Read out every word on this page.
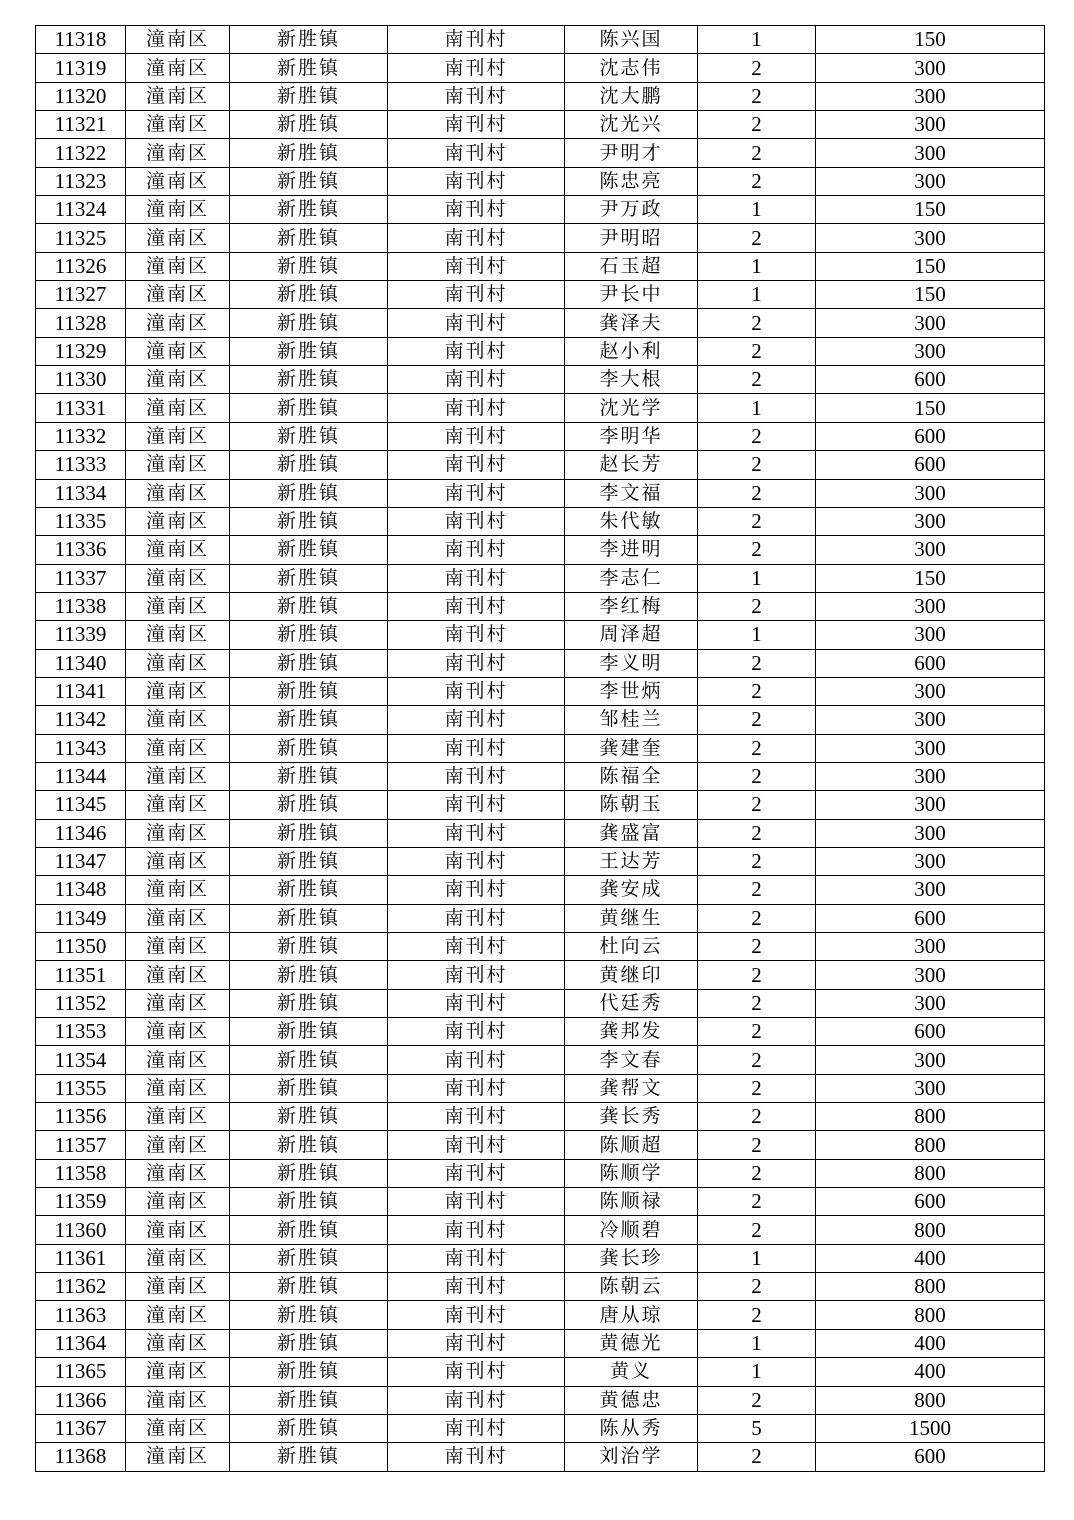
11318	潼南区	新胜镇	南刊村	陈兴国	1	150
11319	潼南区	新胜镇	南刊村	沈志伟	2	300
11320	潼南区	新胜镇	南刊村	沈大鹏	2	300
11321	潼南区	新胜镇	南刊村	沈光兴	2	300
11322	潼南区	新胜镇	南刊村	尹明才	2	300
11323	潼南区	新胜镇	南刊村	陈忠亮	2	300
11324	潼南区	新胜镇	南刊村	尹万政	1	150
11325	潼南区	新胜镇	南刊村	尹明昭	2	300
11326	潼南区	新胜镇	南刊村	石玉超	1	150
11327	潼南区	新胜镇	南刊村	尹长中	1	150
11328	潼南区	新胜镇	南刊村	龚泽夫	2	300
11329	潼南区	新胜镇	南刊村	赵小利	2	300
11330	潼南区	新胜镇	南刊村	李大根	2	600
11331	潼南区	新胜镇	南刊村	沈光学	1	150
11332	潼南区	新胜镇	南刊村	李明华	2	600
11333	潼南区	新胜镇	南刊村	赵长芳	2	600
11334	潼南区	新胜镇	南刊村	李文福	2	300
11335	潼南区	新胜镇	南刊村	朱代敏	2	300
11336	潼南区	新胜镇	南刊村	李进明	2	300
11337	潼南区	新胜镇	南刊村	李志仁	1	150
11338	潼南区	新胜镇	南刊村	李红梅	2	300
11339	潼南区	新胜镇	南刊村	周泽超	1	300
11340	潼南区	新胜镇	南刊村	李义明	2	600
11341	潼南区	新胜镇	南刊村	李世炳	2	300
11342	潼南区	新胜镇	南刊村	邹桂兰	2	300
11343	潼南区	新胜镇	南刊村	龚建奎	2	300
11344	潼南区	新胜镇	南刊村	陈福全	2	300
11345	潼南区	新胜镇	南刊村	陈朝玉	2	300
11346	潼南区	新胜镇	南刊村	龚盛富	2	300
11347	潼南区	新胜镇	南刊村	王达芳	2	300
11348	潼南区	新胜镇	南刊村	龚安成	2	300
11349	潼南区	新胜镇	南刊村	黄继生	2	600
11350	潼南区	新胜镇	南刊村	杜向云	2	300
11351	潼南区	新胜镇	南刊村	黄继印	2	300
11352	潼南区	新胜镇	南刊村	代廷秀	2	300
11353	潼南区	新胜镇	南刊村	龚邦发	2	600
11354	潼南区	新胜镇	南刊村	李文春	2	300
11355	潼南区	新胜镇	南刊村	龚帮文	2	300
11356	潼南区	新胜镇	南刊村	龚长秀	2	800
11357	潼南区	新胜镇	南刊村	陈顺超	2	800
11358	潼南区	新胜镇	南刊村	陈顺学	2	800
11359	潼南区	新胜镇	南刊村	陈顺禄	2	600
11360	潼南区	新胜镇	南刊村	冷顺碧	2	800
11361	潼南区	新胜镇	南刊村	龚长珍	1	400
11362	潼南区	新胜镇	南刊村	陈朝云	2	800
11363	潼南区	新胜镇	南刊村	唐从琼	2	800
11364	潼南区	新胜镇	南刊村	黄德光	1	400
11365	潼南区	新胜镇	南刊村	黄义	1	400
11366	潼南区	新胜镇	南刊村	黄德忠	2	800
11367	潼南区	新胜镇	南刊村	陈从秀	5	1500
11368	潼南区	新胜镇	南刊村	刘治学	2	600
